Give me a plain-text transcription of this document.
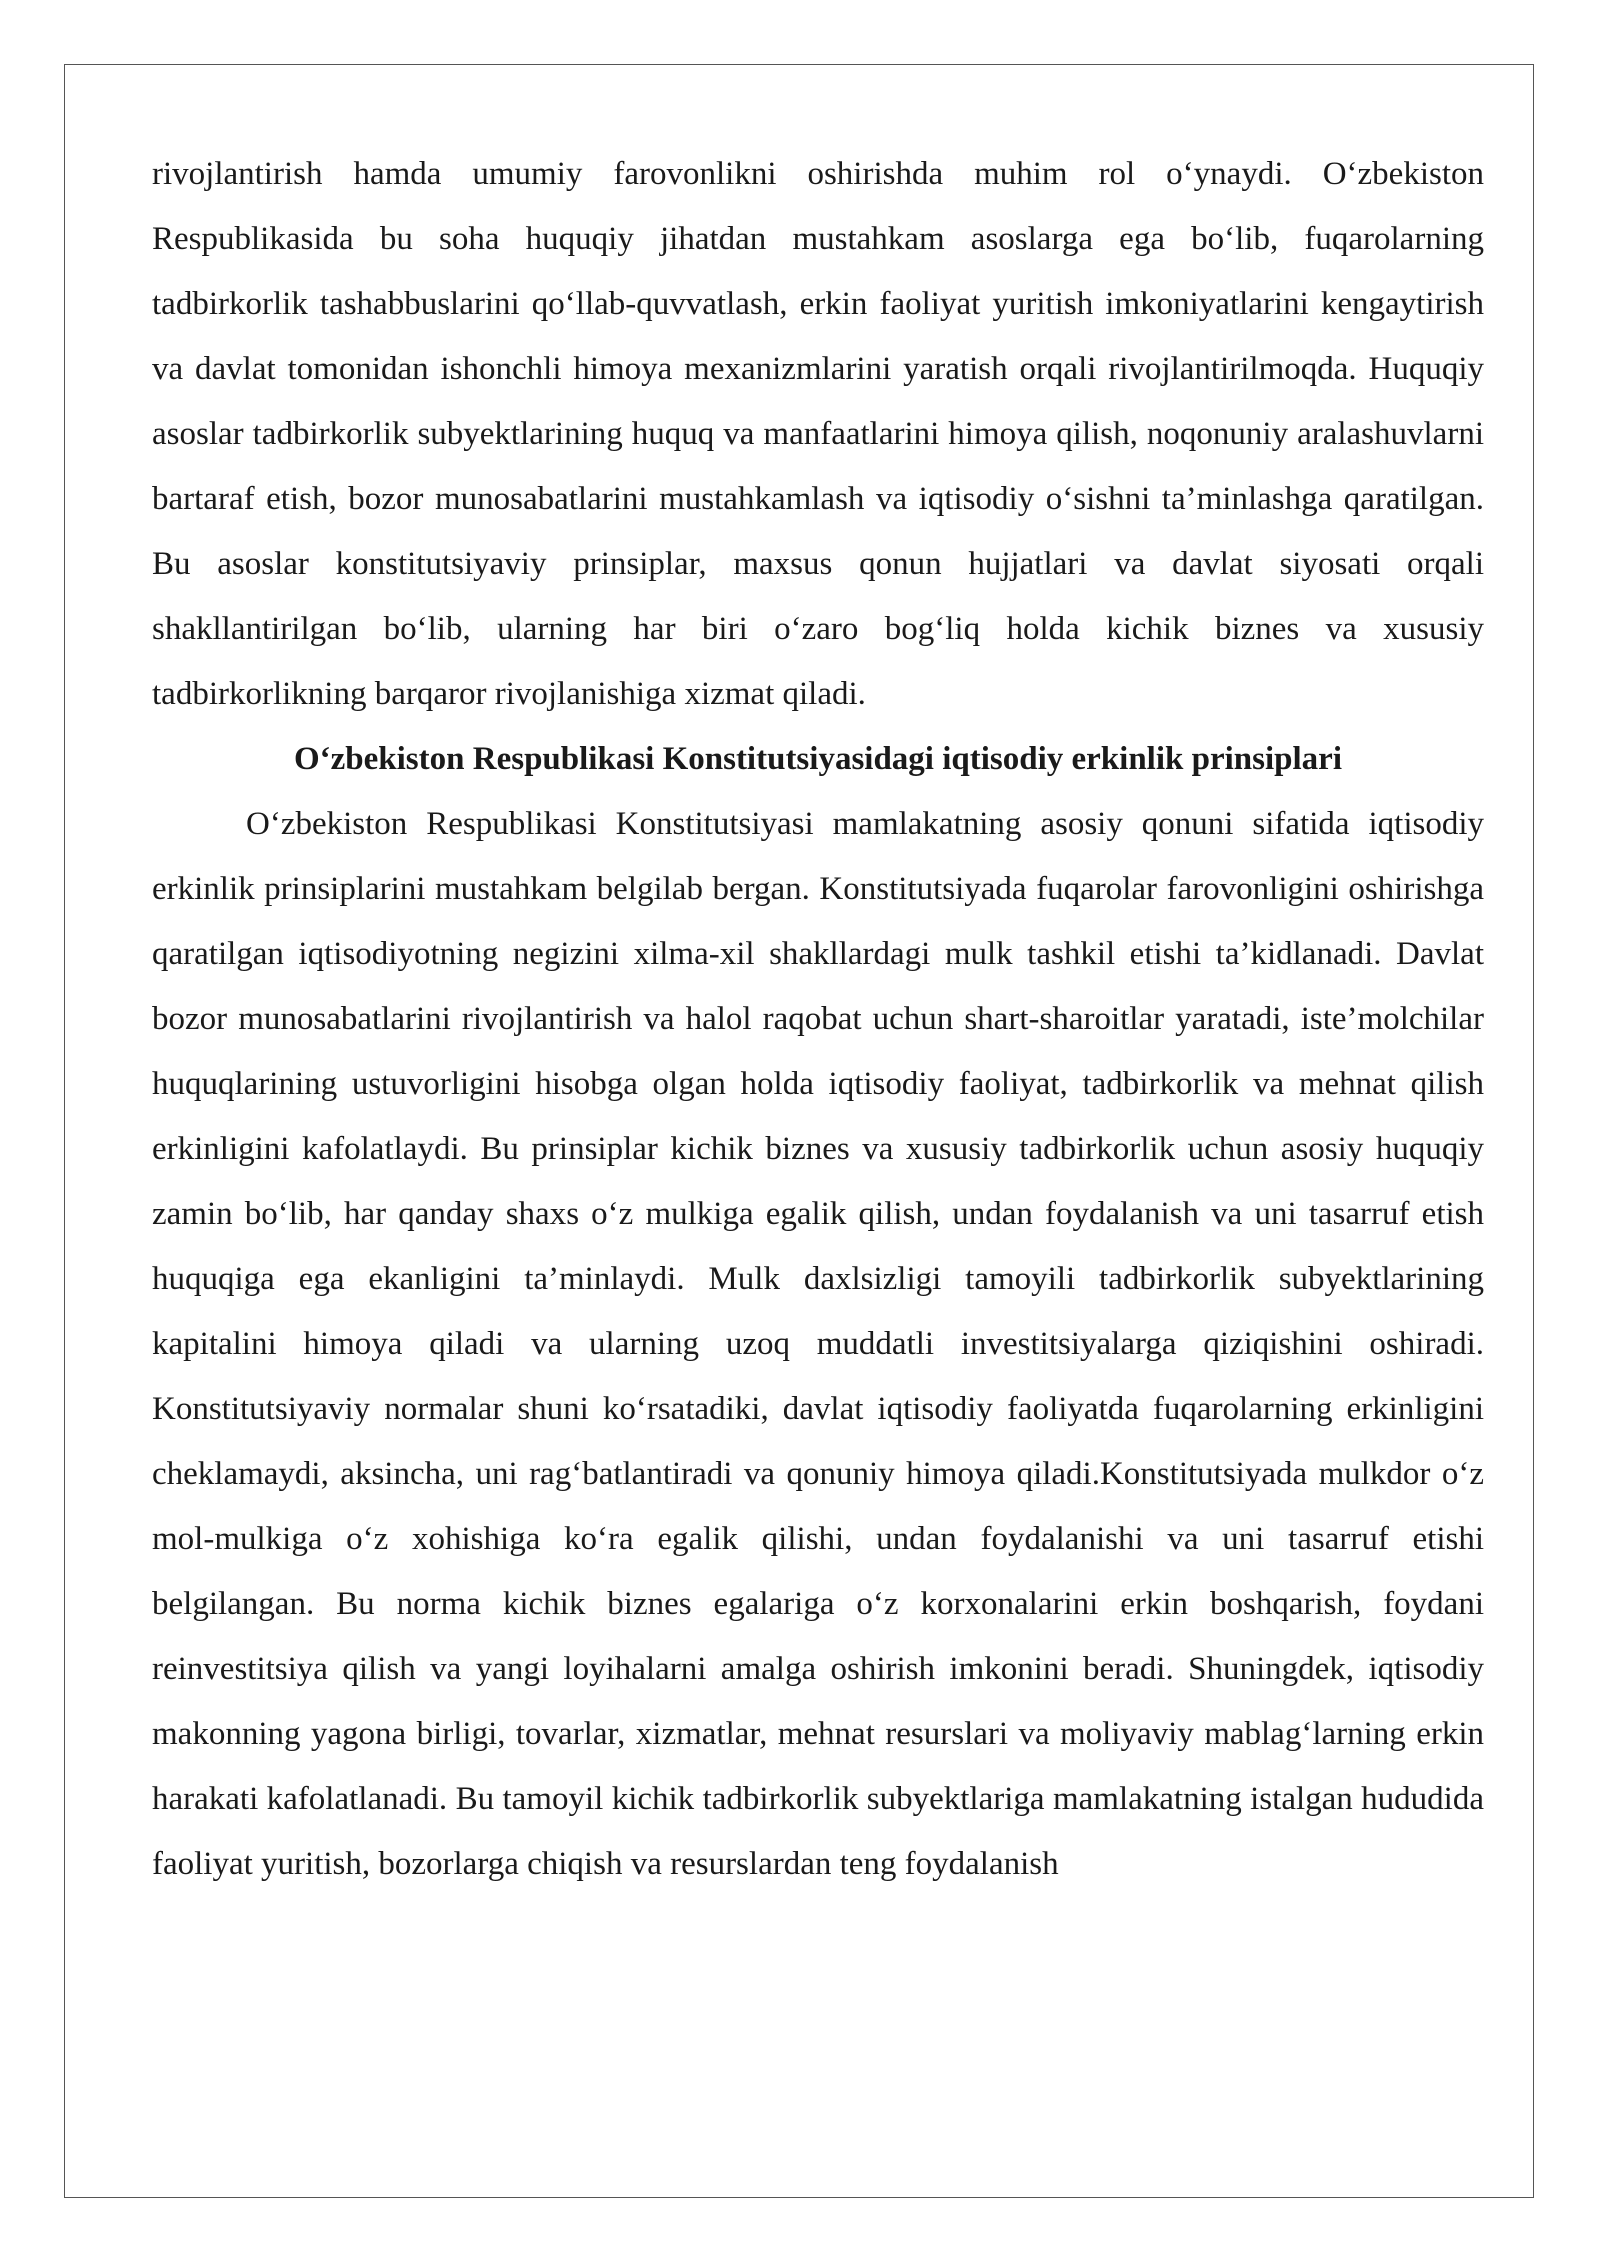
rivojlantirish hamda umumiy farovonlikni oshirishda muhim rol o‘ynaydi. O‘zbekiston Respublikasida bu soha huquqiy jihatdan mustahkam asoslarga ega bo‘lib, fuqarolarning tadbirkorlik tashabbuslarini qo‘llab-quvvatlash, erkin faoliyat yuritish imkoniyatlarini kengaytirish va davlat tomonidan ishonchli himoya mexanizmlarini yaratish orqali rivojlantirilmoqda. Huquqiy asoslar tadbirkorlik subyektlarining huquq va manfaatlarini himoya qilish, noqonuniy aralashuvlarni bartaraf etish, bozor munosabatlarini mustahkamlash va iqtisodiy o‘sishni ta’minlashga qaratilgan. Bu asoslar konstitutsiyaviy prinsiplar, maxsus qonun hujjatlari va davlat siyosati orqali shakllantirilgan bo‘lib, ularning har biri o‘zaro bog‘liq holda kichik biznes va xususiy tadbirkorlikning barqaror rivojlanishiga xizmat qiladi.

O‘zbekiston Respublikasi Konstitutsiyasidagi iqtisodiy erkinlik prinsiplari

O‘zbekiston Respublikasi Konstitutsiyasi mamlakatning asosiy qonuni sifatida iqtisodiy erkinlik prinsiplarini mustahkam belgilab bergan. Konstitutsiyada fuqarolar farovonligini oshirishga qaratilgan iqtisodiyotning negizini xilma-xil shakllardagi mulk tashkil etishi ta’kidlanadi. Davlat bozor munosabatlarini rivojlantirish va halol raqobat uchun shart-sharoitlar yaratadi, iste’molchilar huquqlarining ustuvorligini hisobga olgan holda iqtisodiy faoliyat, tadbirkorlik va mehnat qilish erkinligini kafolatlaydi. Bu prinsiplar kichik biznes va xususiy tadbirkorlik uchun asosiy huquqiy zamin bo‘lib, har qanday shaxs o‘z mulkiga egalik qilish, undan foydalanish va uni tasarruf etish huquqiga ega ekanligini ta’minlaydi. Mulk daxlsizligi tamoyili tadbirkorlik subyektlarining kapitalini himoya qiladi va ularning uzoq muddatli investitsiyalarga qiziqishini oshiradi. Konstitutsiyaviy normalar shuni ko‘rsatadiki, davlat iqtisodiy faoliyatda fuqarolarning erkinligini cheklamaydi, aksincha, uni rag‘batlantiradi va qonuniy himoya qiladi.Konstitutsiyada mulkdor o‘z mol-mulkiga o‘z xohishiga ko‘ra egalik qilishi, undan foydalanishi va uni tasarruf etishi belgilangan. Bu norma kichik biznes egalariga o‘z korxonalarini erkin boshqarish, foydani reinvestitsiya qilish va yangi loyihalarni amalga oshirish imkonini beradi. Shuningdek, iqtisodiy makonning yagona birligi, tovarlar, xizmatlar, mehnat resurslari va moliyaviy mablag‘larning erkin harakati kafolatlanadi. Bu tamoyil kichik tadbirkorlik subyektlariga mamlakatning istalgan hududida faoliyat yuritish, bozorlarga chiqish va resurslardan teng foydalanish
